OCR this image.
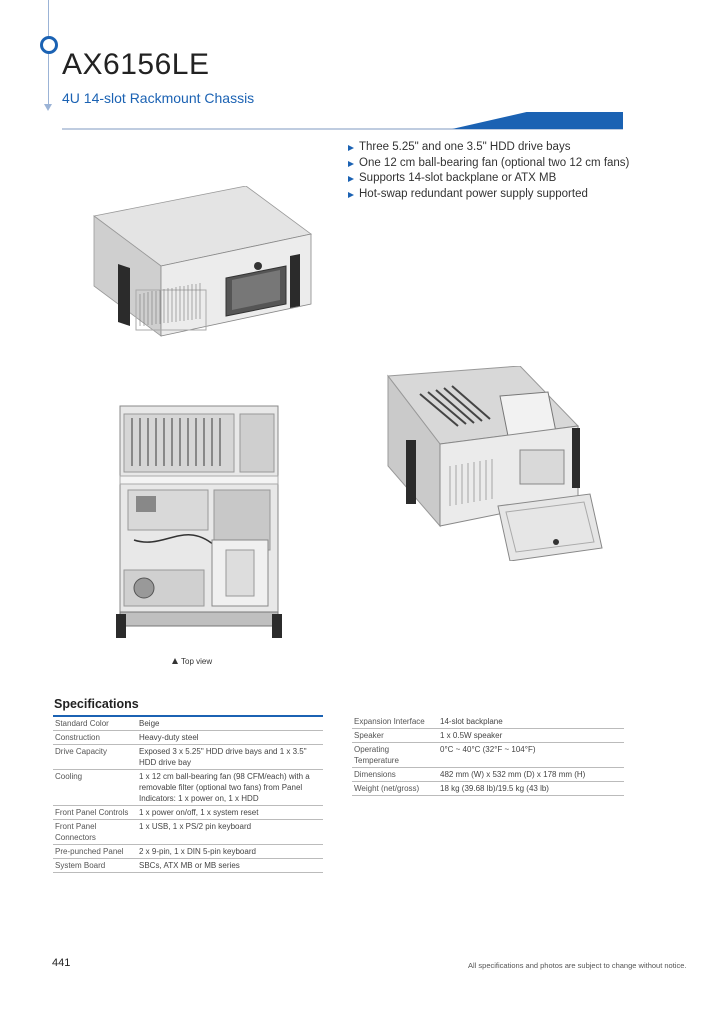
AX6156LE
4U 14-slot Rackmount Chassis
Three 5.25" and one 3.5" HDD drive bays
One 12 cm ball-bearing fan (optional two 12 cm fans)
Supports 14-slot backplane or ATX MB
Hot-swap redundant power supply supported
Top view
Specifications
Standard Color	Beige
Construction	Heavy-duty steel
Drive Capacity	Exposed 3 x 5.25" HDD drive bays and 1 x 3.5" HDD drive bay
Cooling	1 x 12 cm ball-bearing fan (98 CFM/each) with a removable filter (optional two fans) from Panel Indicators: 1 x power on, 1 x HDD
Front Panel Controls	1 x power on/off, 1 x system reset
Front Panel Connectors	1 x USB, 1 x PS/2 pin keyboard
Pre-punched Panel	2 x 9-pin, 1 x DIN 5-pin keyboard
System Board	SBCs, ATX MB or MB series
Expansion Interface	14-slot backplane
Speaker	1 x 0.5W speaker
Operating Temperature	0°C ~ 40°C (32°F ~ 104°F)
Dimensions	482 mm (W) x 532 mm (D) x 178 mm (H)
Weight (net/gross)	18 kg (39.68 lb)/19.5 kg (43 lb)
441	All specifications and photos are subject to change without notice.
